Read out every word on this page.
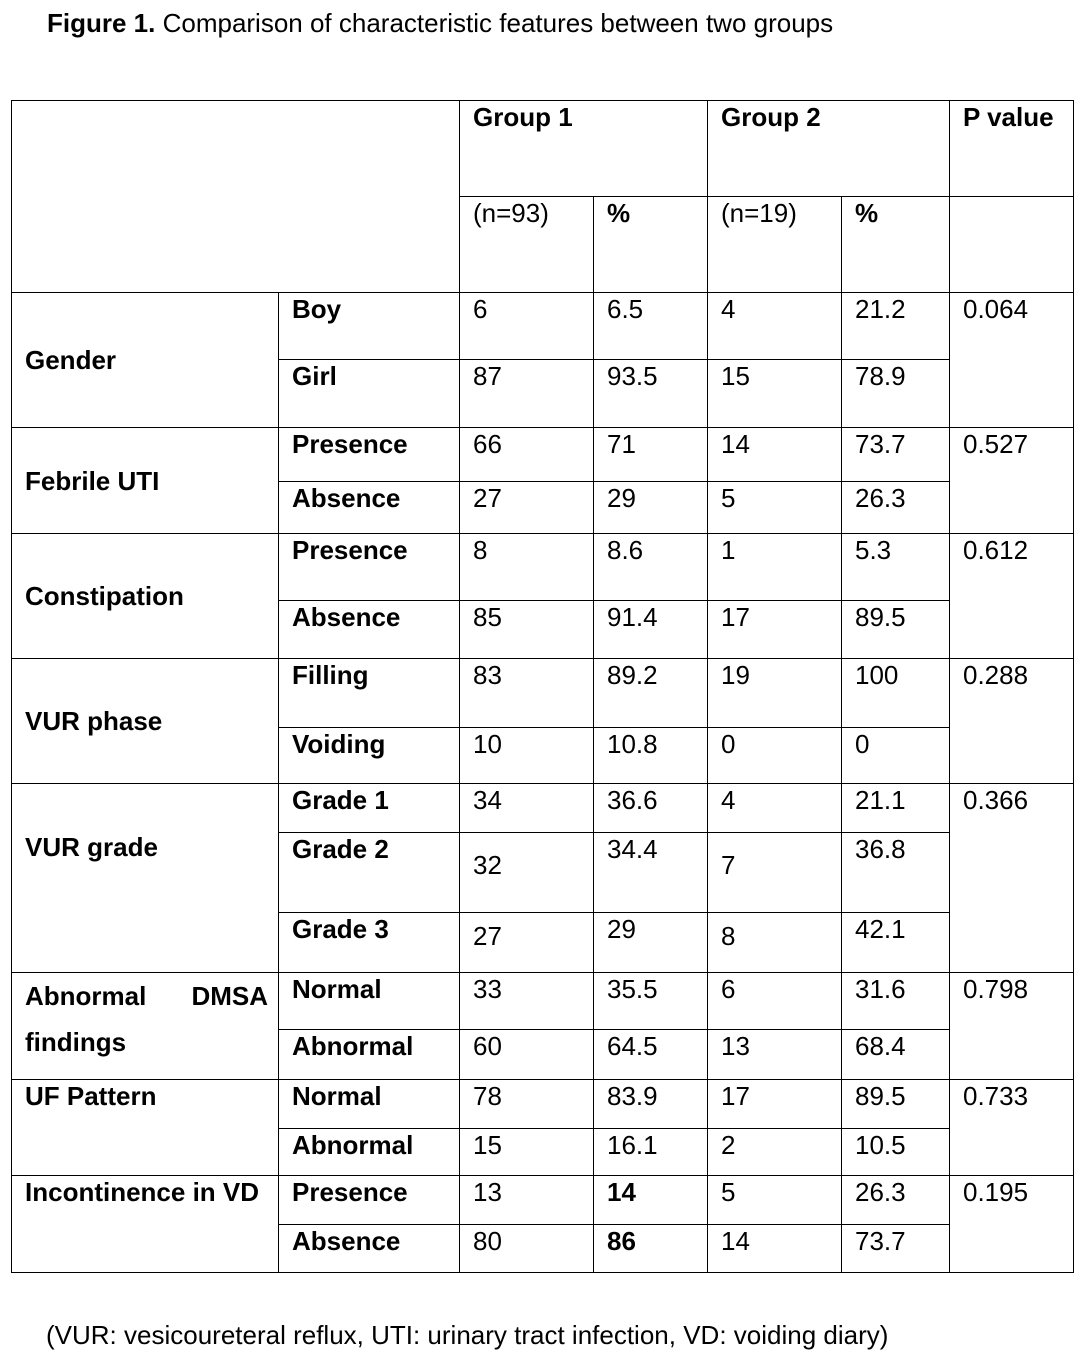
Figure 1. Comparison of characteristic features between two groups
		Group 1		Group 2		P value
		(n=93)	%	(n=19)	%	
Gender	Boy	6	6.5	4	21.2	0.064
	Girl	87	93.5	15	78.9	
Febrile UTI	Presence	66	71	14	73.7	0.527
	Absence	27	29	5	26.3	
Constipation	Presence	8	8.6	1	5.3	0.612
	Absence	85	91.4	17	89.5	
VUR phase	Filling	83	89.2	19	100	0.288
	Voiding	10	10.8	0	0	
VUR grade	Grade 1	34	36.6	4	21.1	0.366
	Grade 2	32	34.4	7	36.8	
	Grade 3	27	29	8	42.1	

Abnormal DMSA
findings	Normal	33	35.5	6	31.6	0.798
	Abnormal	60	64.5	13	68.4	
UF Pattern	Normal	78	83.9	17	89.5	0.733
	Abnormal	15	16.1	2	10.5	
Incontinence in VD	Presence	13	14	5	26.3	0.195
	Absence	80	86	14	73.7	
(VUR: vesicoureteral reflux, UTI: urinary tract infection, VD: voiding diary)
